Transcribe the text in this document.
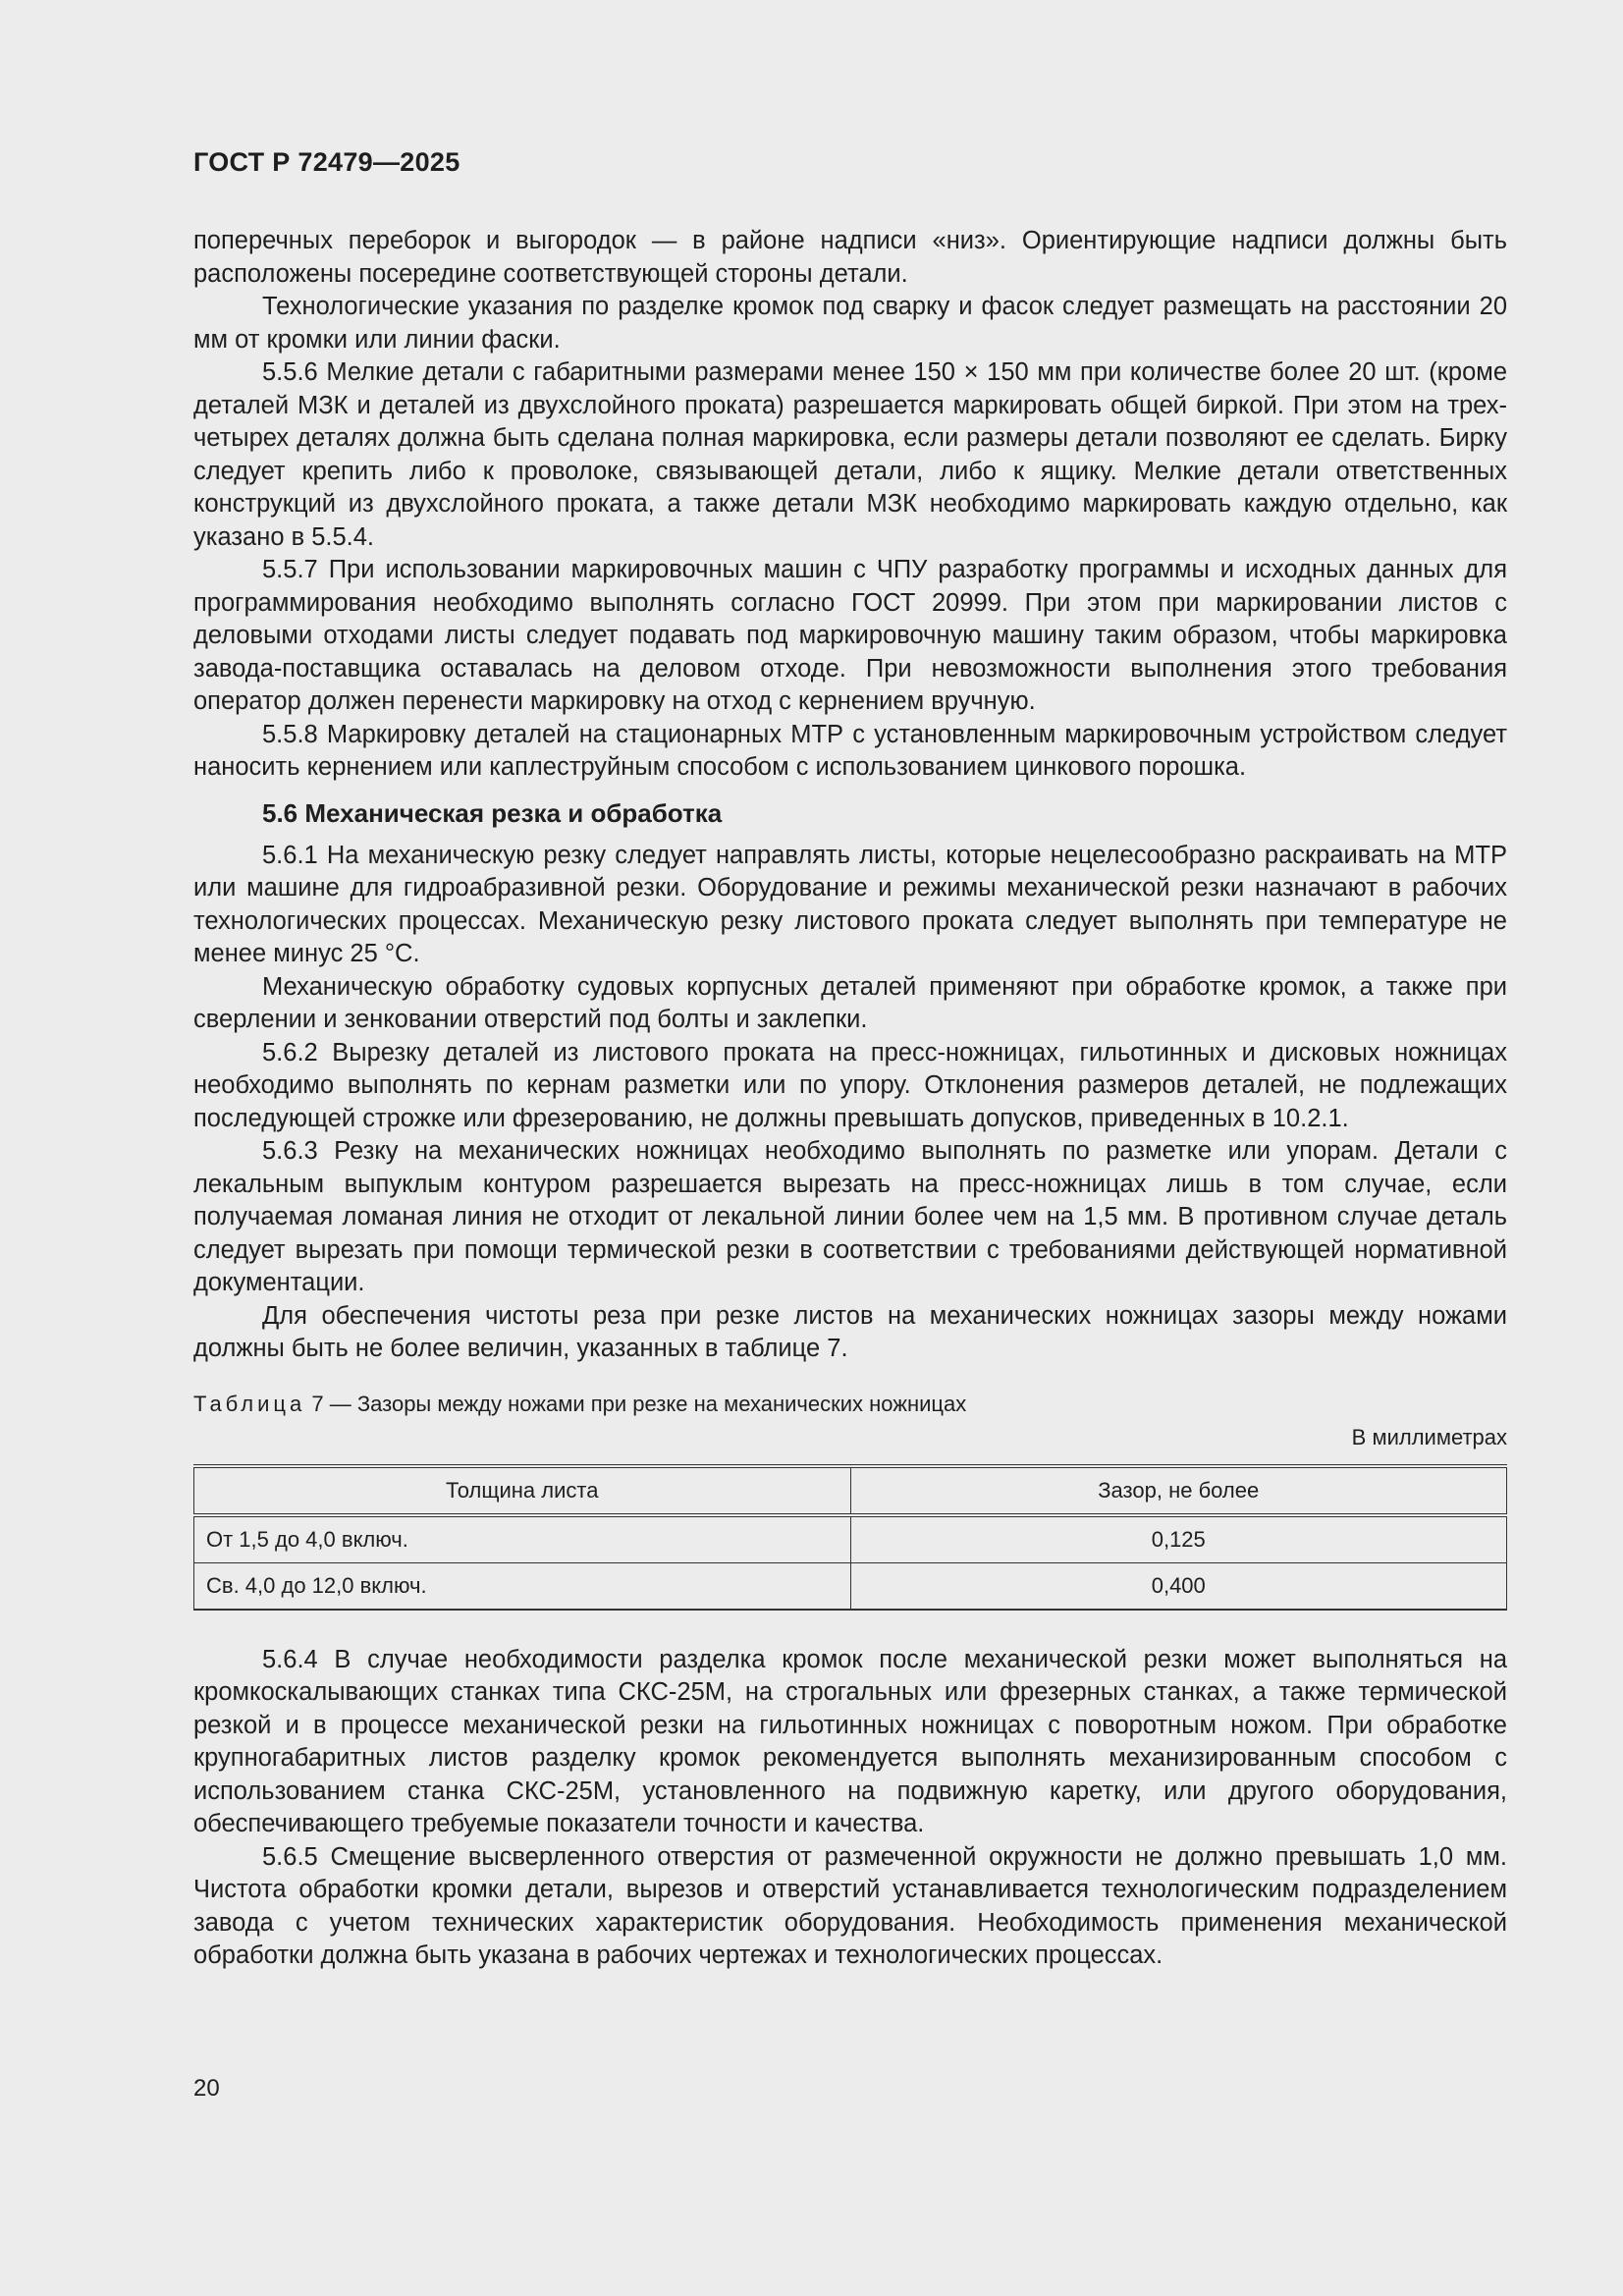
ГОСТ Р 72479—2025

поперечных переборок и выгородок — в районе надписи «низ». Ориентирующие надписи должны быть расположены посередине соответствующей стороны детали.

Технологические указания по разделке кромок под сварку и фасок следует размещать на расстоянии 20 мм от кромки или линии фаски.

5.5.6 Мелкие детали с габаритными размерами менее 150 × 150 мм при количестве более 20 шт. (кроме деталей МЗК и деталей из двухслойного проката) разрешается маркировать общей биркой. При этом на трех-четырех деталях должна быть сделана полная маркировка, если размеры детали позволяют ее сделать. Бирку следует крепить либо к проволоке, связывающей детали, либо к ящику. Мелкие детали ответственных конструкций из двухслойного проката, а также детали МЗК необходимо маркировать каждую отдельно, как указано в 5.5.4.

5.5.7 При использовании маркировочных машин с ЧПУ разработку программы и исходных данных для программирования необходимо выполнять согласно ГОСТ 20999. При этом при маркировании листов с деловыми отходами листы следует подавать под маркировочную машину таким образом, чтобы маркировка завода-поставщика оставалась на деловом отходе. При невозможности выполнения этого требования оператор должен перенести маркировку на отход с кернением вручную.

5.5.8 Маркировку деталей на стационарных МТР с установленным маркировочным устройством следует наносить кернением или каплеструйным способом с использованием цинкового порошка.

5.6 Механическая резка и обработка

5.6.1 На механическую резку следует направлять листы, которые нецелесообразно раскраивать на МТР или машине для гидроабразивной резки. Оборудование и режимы механической резки назначают в рабочих технологических процессах. Механическую резку листового проката следует выполнять при температуре не менее минус 25 °C.

Механическую обработку судовых корпусных деталей применяют при обработке кромок, а также при сверлении и зенковании отверстий под болты и заклепки.

5.6.2 Вырезку деталей из листового проката на пресс-ножницах, гильотинных и дисковых ножницах необходимо выполнять по кернам разметки или по упору. Отклонения размеров деталей, не подлежащих последующей строжке или фрезерованию, не должны превышать допусков, приведенных в 10.2.1.

5.6.3 Резку на механических ножницах необходимо выполнять по разметке или упорам. Детали с лекальным выпуклым контуром разрешается вырезать на пресс-ножницах лишь в том случае, если получаемая ломаная линия не отходит от лекальной линии более чем на 1,5 мм. В противном случае деталь следует вырезать при помощи термической резки в соответствии с требованиями действующей нормативной документации.

Для обеспечения чистоты реза при резке листов на механических ножницах зазоры между ножами должны быть не более величин, указанных в таблице 7.

Таблица 7 — Зазоры между ножами при резке на механических ножницах
В миллиметрах
Толщина листа	Зазор, не более
От 1,5 до 4,0 включ.	0,125
Св. 4,0 до 12,0 включ.	0,400

5.6.4 В случае необходимости разделка кромок после механической резки может выполняться на кромкоскалывающих станках типа СКС-25М, на строгальных или фрезерных станках, а также термической резкой и в процессе механической резки на гильотинных ножницах с поворотным ножом. При обработке крупногабаритных листов разделку кромок рекомендуется выполнять механизированным способом с использованием станка СКС-25М, установленного на подвижную каретку, или другого оборудования, обеспечивающего требуемые показатели точности и качества.

5.6.5 Смещение высверленного отверстия от размеченной окружности не должно превышать 1,0 мм. Чистота обработки кромки детали, вырезов и отверстий устанавливается технологическим подразделением завода с учетом технических характеристик оборудования. Необходимость применения механической обработки должна быть указана в рабочих чертежах и технологических процессах.

20
